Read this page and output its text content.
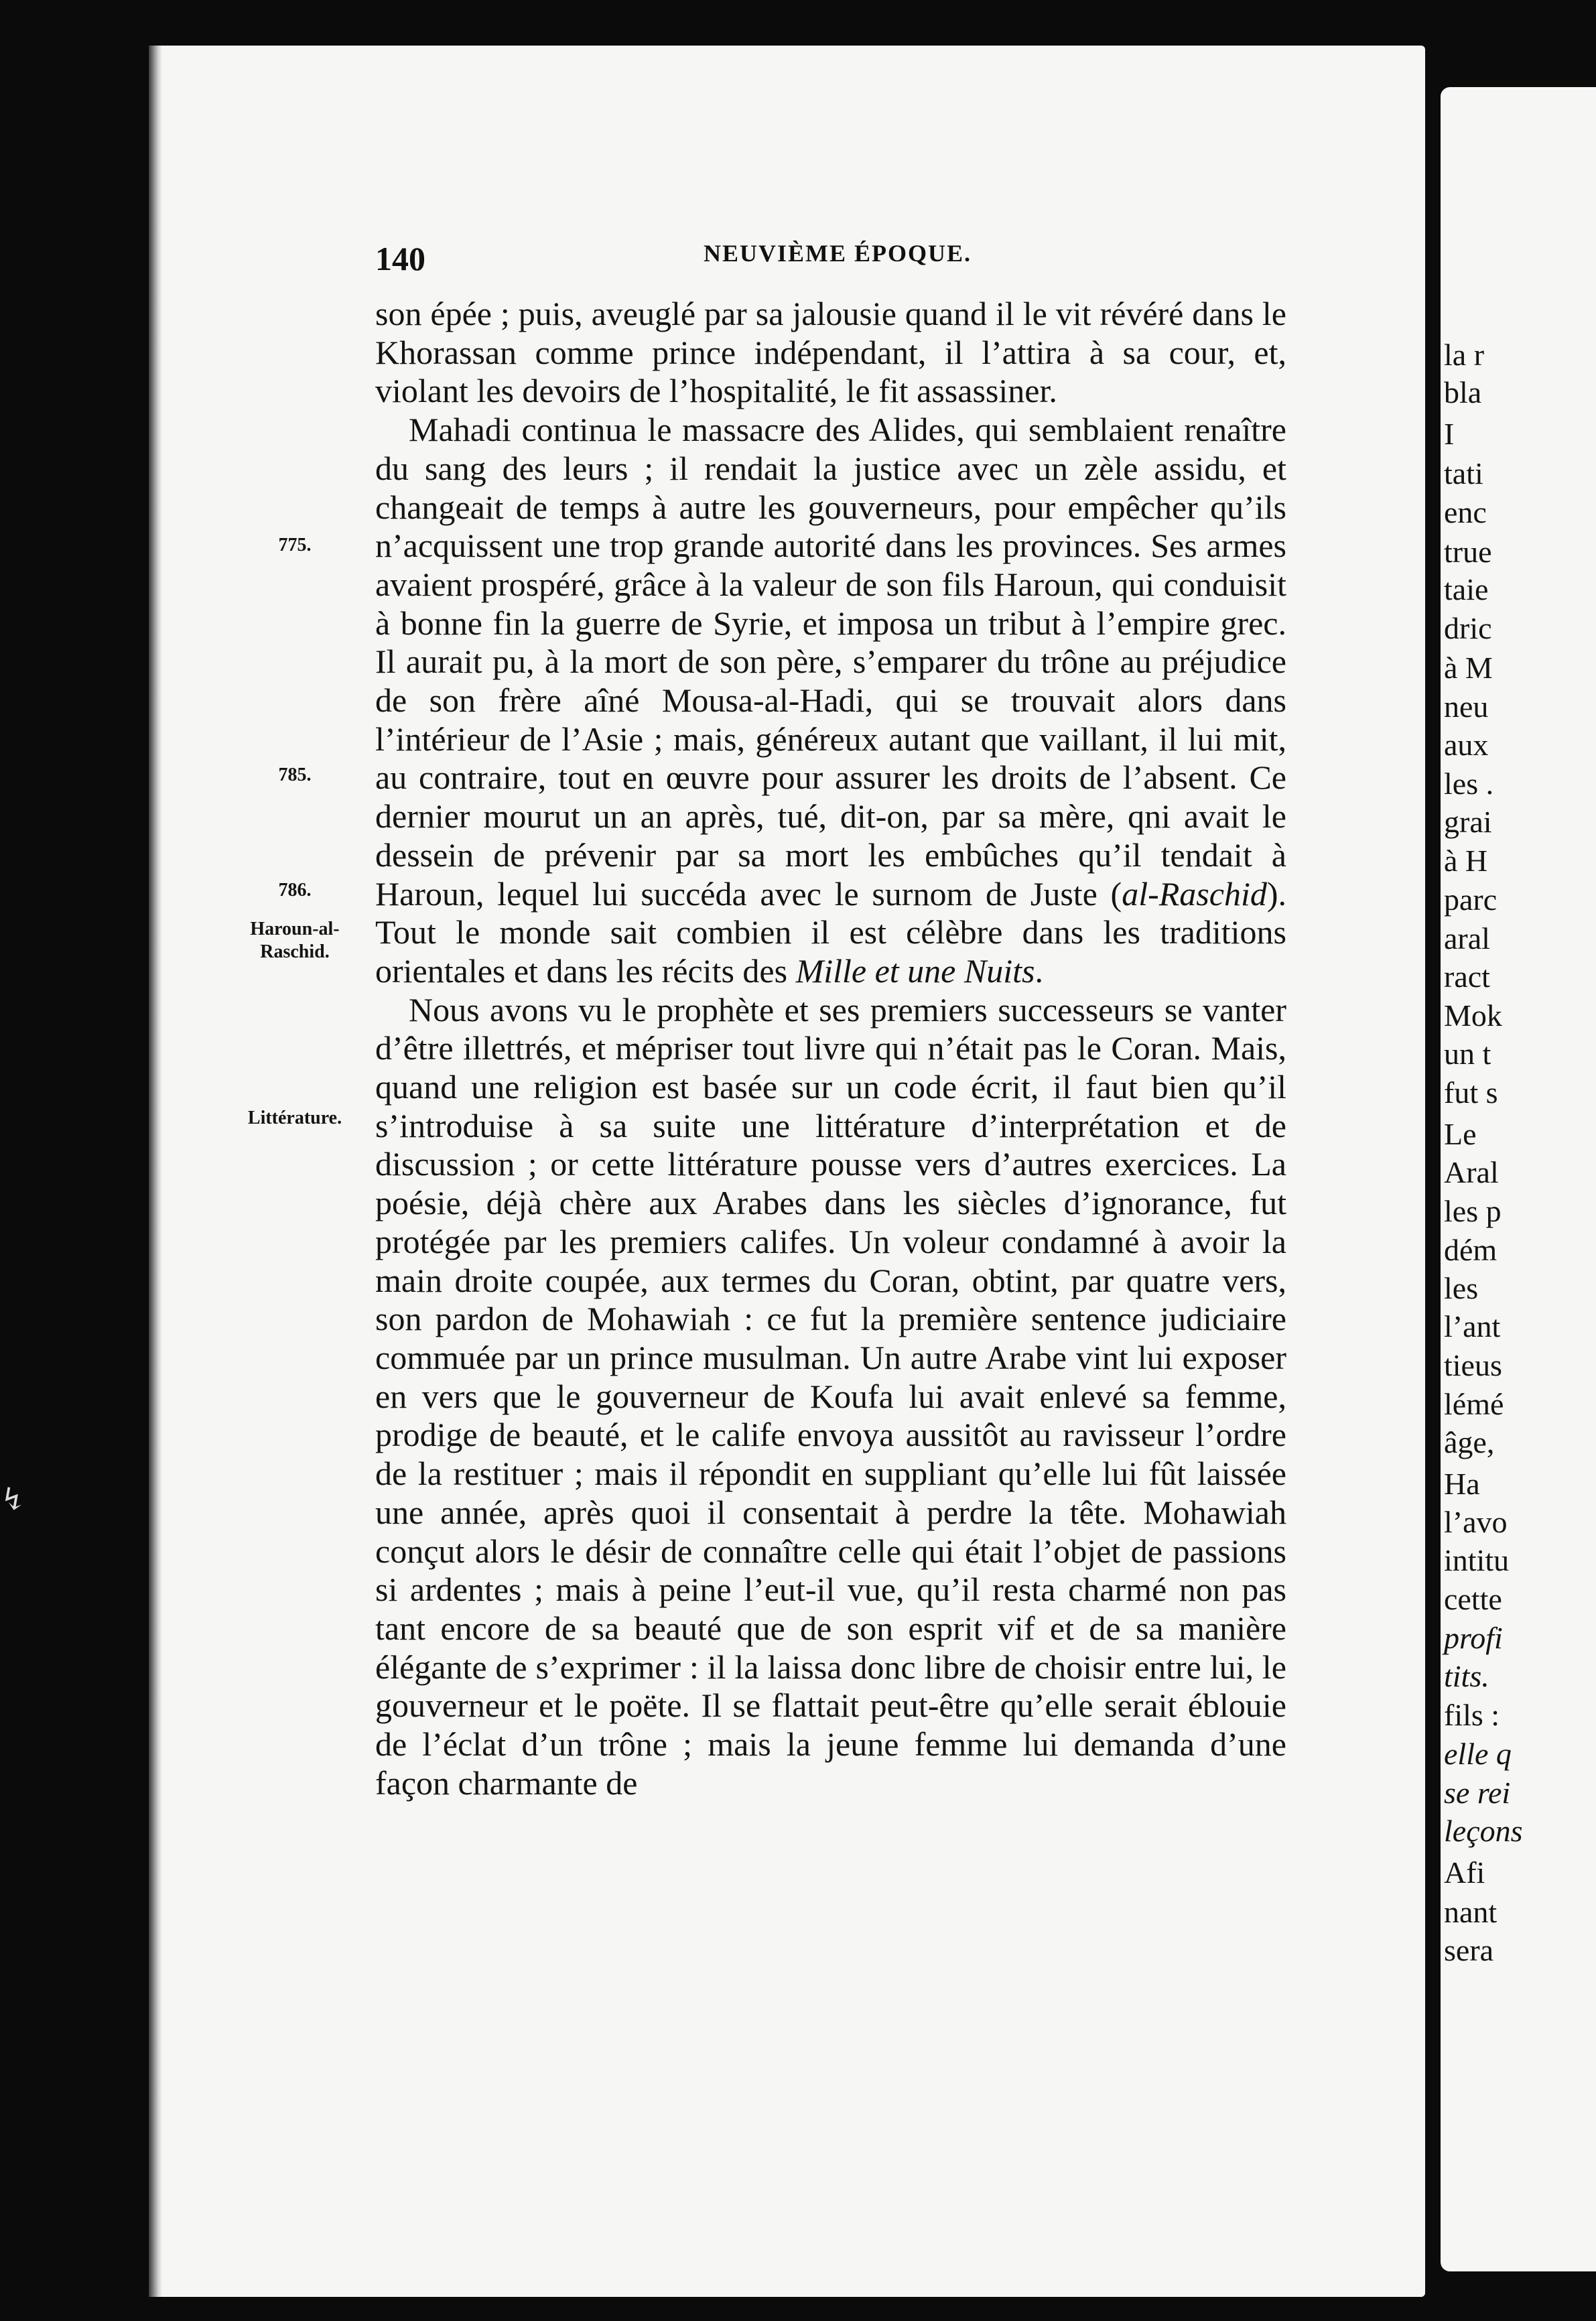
140	NEUVIÈME ÉPOQUE.
775.
785.
786.
Haroun-al-Raschid.
Littérature.

son épée ; puis, aveuglé par sa jalousie quand il le vit révéré dans le Khorassan comme prince indépendant, il l’attira à sa cour, et, violant les devoirs de l’hospitalité, le fit assassiner.

Mahadi continua le massacre des Alides, qui semblaient renaître du sang des leurs ; il rendait la justice avec un zèle assidu, et changeait de temps à autre les gouverneurs, pour empêcher qu’ils n’acquissent une trop grande autorité dans les provinces. Ses armes avaient prospéré, grâce à la valeur de son fils Haroun, qui conduisit à bonne fin la guerre de Syrie, et imposa un tribut à l’empire grec. Il aurait pu, à la mort de son père, s’emparer du trône au préjudice de son frère aîné Mousa-al-Hadi, qui se trouvait alors dans l’intérieur de l’Asie ; mais, généreux autant que vaillant, il lui mit, au contraire, tout en œuvre pour assurer les droits de l’absent. Ce dernier mourut un an après, tué, dit-on, par sa mère, qni avait le dessein de prévenir par sa mort les embûches qu’il tendait à Haroun, lequel lui succéda avec le surnom de Juste (al-Raschid). Tout le monde sait combien il est célèbre dans les traditions orientales et dans les récits des Mille et une Nuits.

Nous avons vu le prophète et ses premiers successeurs se vanter d’être illettrés, et mépriser tout livre qui n’était pas le Coran. Mais, quand une religion est basée sur un code écrit, il faut bien qu’il s’introduise à sa suite une littérature d’interprétation et de discussion ; or cette littérature pousse vers d’autres exercices. La poésie, déjà chère aux Arabes dans les siècles d’ignorance, fut protégée par les premiers califes. Un voleur condamné à avoir la main droite coupée, aux termes du Coran, obtint, par quatre vers, son pardon de Mohawiah : ce fut la première sentence judiciaire commuée par un prince musulman. Un autre Arabe vint lui exposer en vers que le gouverneur de Koufa lui avait enlevé sa femme, prodige de beauté, et le calife envoya aussitôt au ravisseur l’ordre de la restituer ; mais il répondit en suppliant qu’elle lui fût laissée une année, après quoi il consentait à perdre la tête. Mohawiah conçut alors le désir de connaître celle qui était l’objet de passions si ardentes ; mais à peine l’eut-il vue, qu’il resta charmé non pas tant encore de sa beauté que de son esprit vif et de sa manière élégante de s’exprimer : il la laissa donc libre de choisir entre lui, le gouverneur et le poëte. Il se flattait peut-être qu’elle serait éblouie de l’éclat d’un trône ; mais la jeune femme lui demanda d’une façon charmante de

la r
bla
I
tati
enc
true
taie
dric
à M
neu
aux
les .
grai
à H
parc
aral
ract
Mok
un t
fut s
Le
Aral
les p
dém
les
l’ant
tieus
lémé
âge,
Ha
l’avo
intitu
cette
profi
tits.
fils :
elle q
se rei
leçons
Afi
nant
sera
↯
